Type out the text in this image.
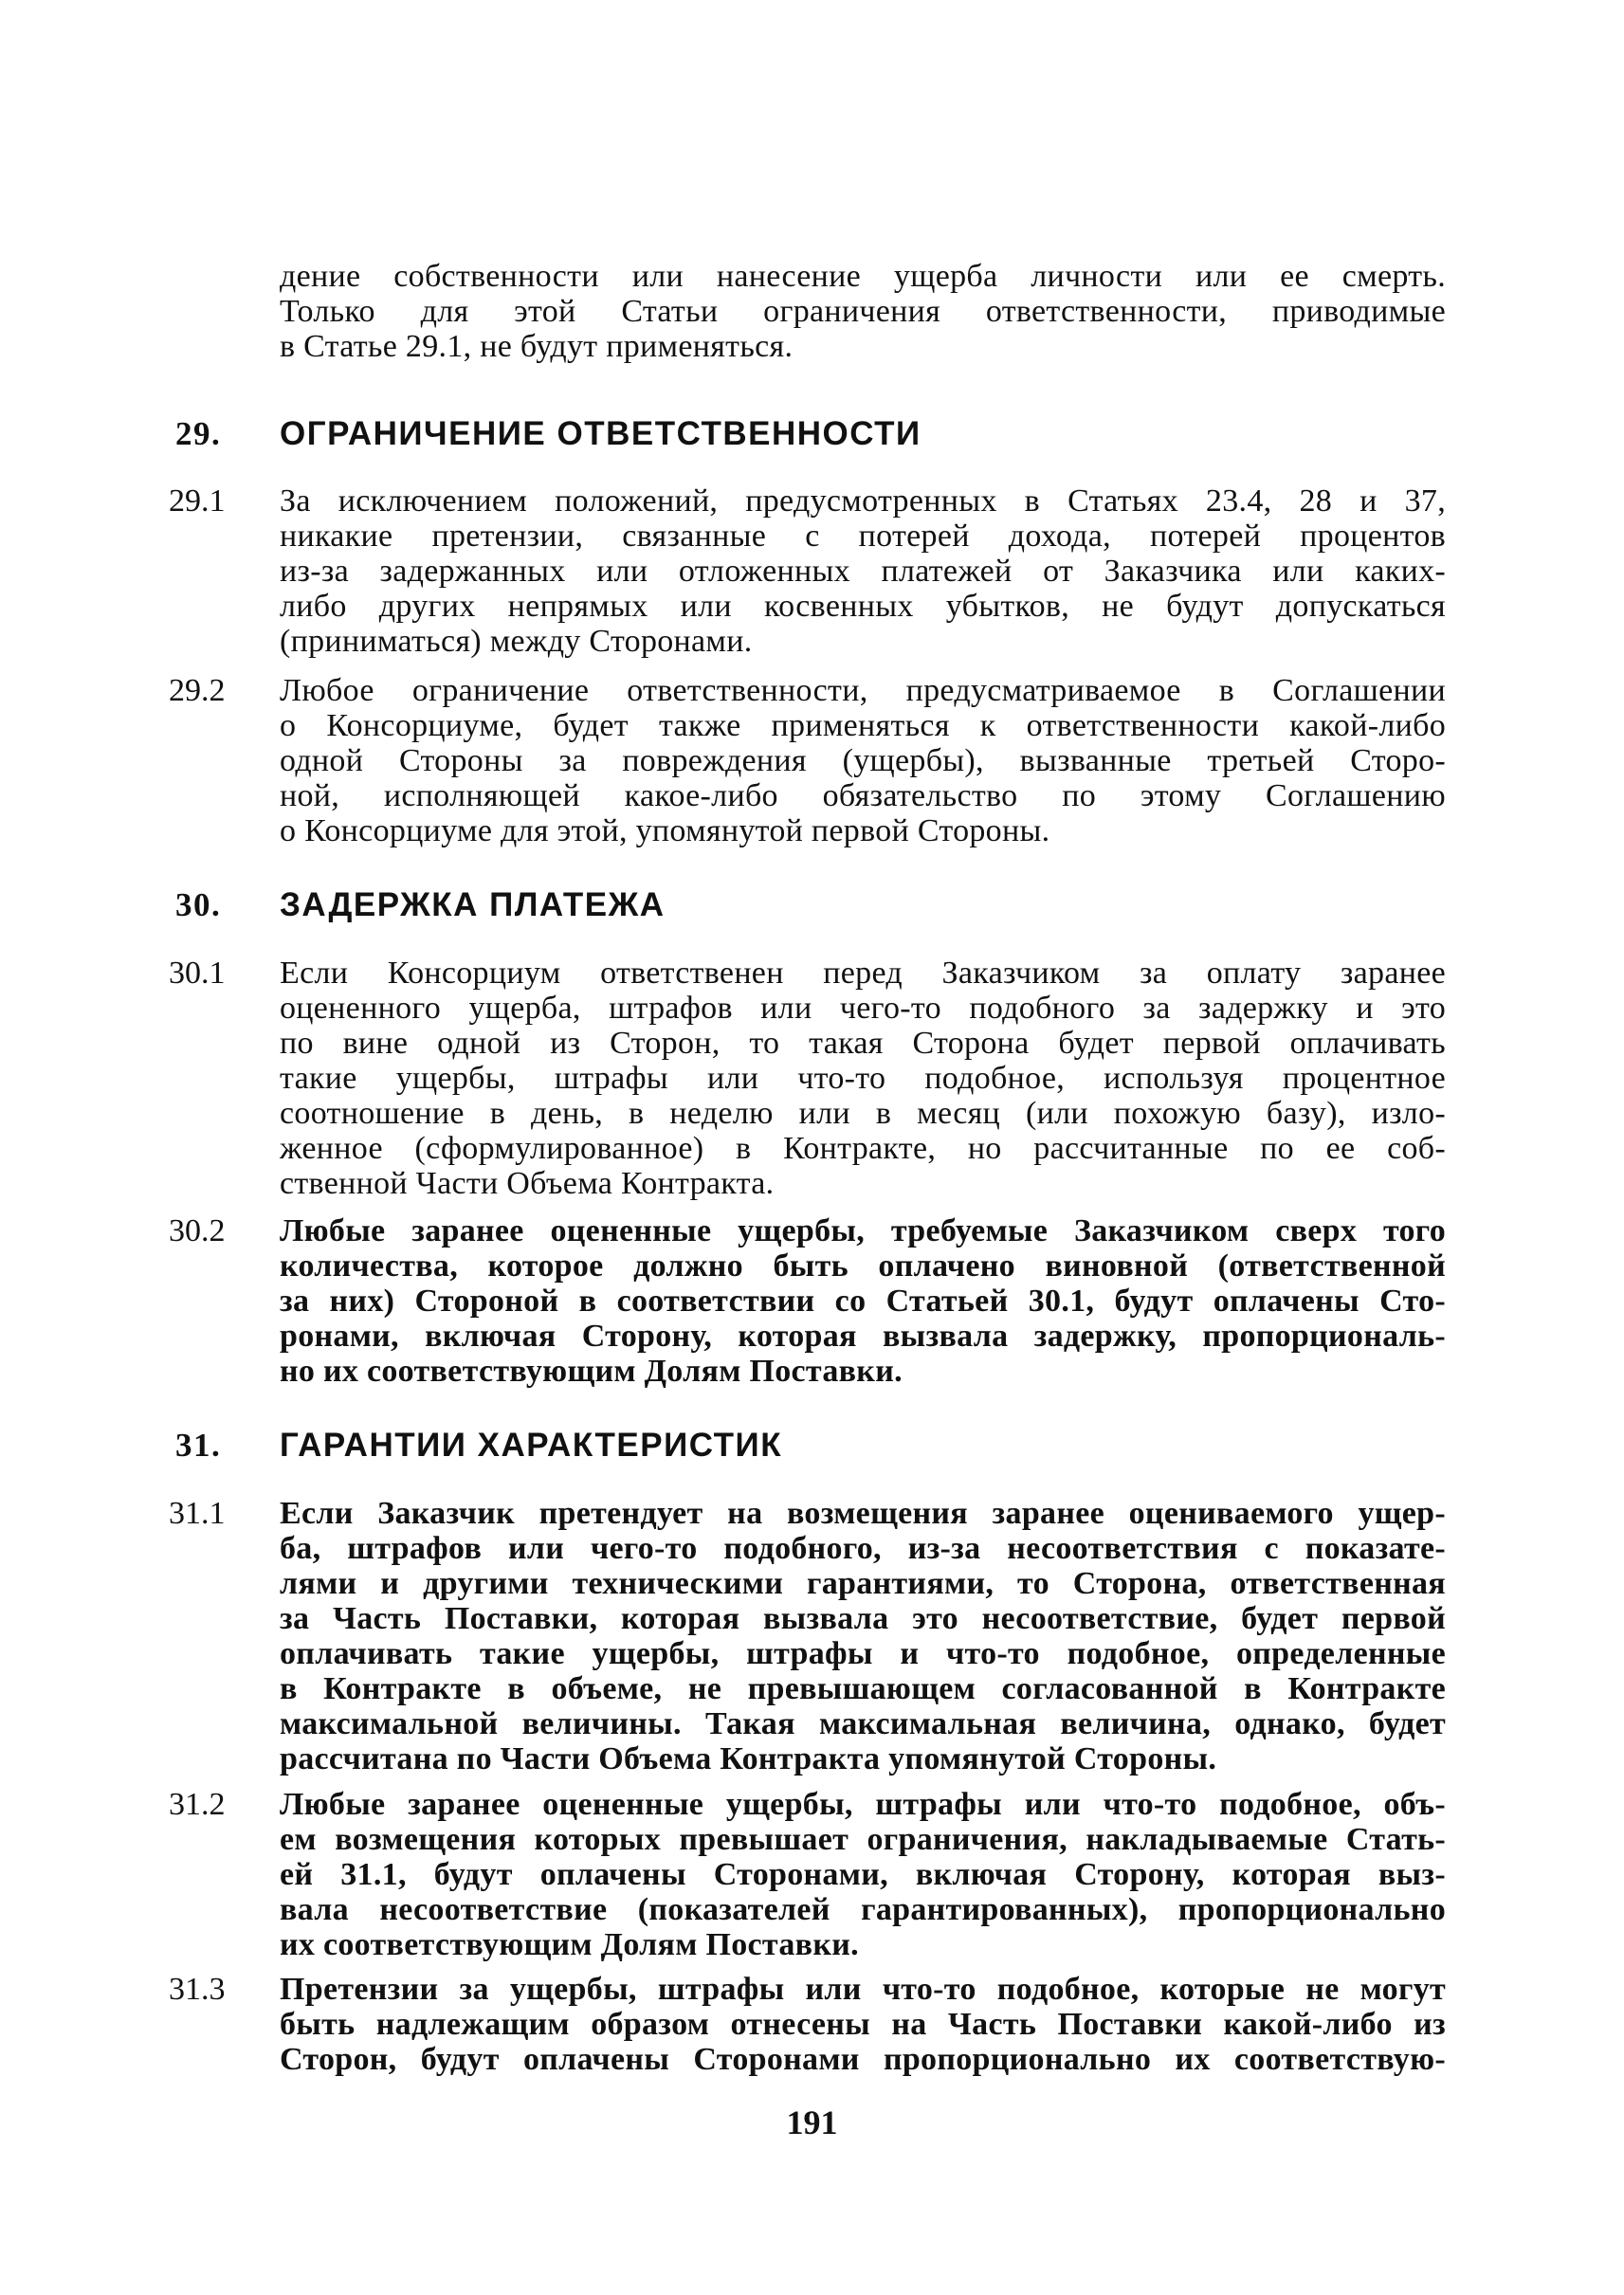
дение собственности или нанесение ущерба личности или ее смерть.
Только для этой Статьи ограничения ответственности, приводимые
в Статье 29.1, не будут применяться.
29. ОГРАНИЧЕНИЕ ОТВЕТСТВЕННОСТИ
29.1 За исключением положений, предусмотренных в Статьях 23.4, 28 и 37,
никакие претензии, связанные с потерей дохода, потерей процентов
из-за задержанных или отложенных платежей от Заказчика или каких-
либо других непрямых или косвенных убытков, не будут допускаться
(приниматься) между Сторонами.
29.2 Любое ограничение ответственности, предусматриваемое в Соглашении
о Консорциуме, будет также применяться к ответственности какой-либо
одной Стороны за повреждения (ущербы), вызванные третьей Сторо-
ной, исполняющей какое-либо обязательство по этому Соглашению
о Консорциуме для этой, упомянутой первой Стороны.
30. ЗАДЕРЖКА ПЛАТЕЖА
30.1 Если Консорциум ответственен перед Заказчиком за оплату заранее
оцененного ущерба, штрафов или чего-то подобного за задержку и это
по вине одной из Сторон, то такая Сторона будет первой оплачивать
такие ущербы, штрафы или что-то подобное, используя процентное
соотношение в день, в неделю или в месяц (или похожую базу), изло-
женное (сформулированное) в Контракте, но рассчитанные по ее соб-
ственной Части Объема Контракта.
30.2 Любые заранее оцененные ущербы, требуемые Заказчиком сверх того
количества, которое должно быть оплачено виновной (ответственной
за них) Стороной в соответствии со Статьей 30.1, будут оплачены Сто-
ронами, включая Сторону, которая вызвала задержку, пропорциональ-
но их соответствующим Долям Поставки.
31. ГАРАНТИИ ХАРАКТЕРИСТИК
31.1 Если Заказчик претендует на возмещения заранее оцениваемого ущер-
ба, штрафов или чего-то подобного, из-за несоответствия с показате-
лями и другими техническими гарантиями, то Сторона, ответственная
за Часть Поставки, которая вызвала это несоответствие, будет первой
оплачивать такие ущербы, штрафы и что-то подобное, определенные
в Контракте в объеме, не превышающем согласованной в Контракте
максимальной величины. Такая максимальная величина, однако, будет
рассчитана по Части Объема Контракта упомянутой Стороны.
31.2 Любые заранее оцененные ущербы, штрафы или что-то подобное, объ-
ем возмещения которых превышает ограничения, накладываемые Стать-
ей 31.1, будут оплачены Сторонами, включая Сторону, которая выз-
вала несоответствие (показателей гарантированных), пропорционально
их соответствующим Долям Поставки.
31.3 Претензии за ущербы, штрафы или что-то подобное, которые не могут
быть надлежащим образом отнесены на Часть Поставки какой-либо из
Сторон, будут оплачены Сторонами пропорционально их соответствую-
191
